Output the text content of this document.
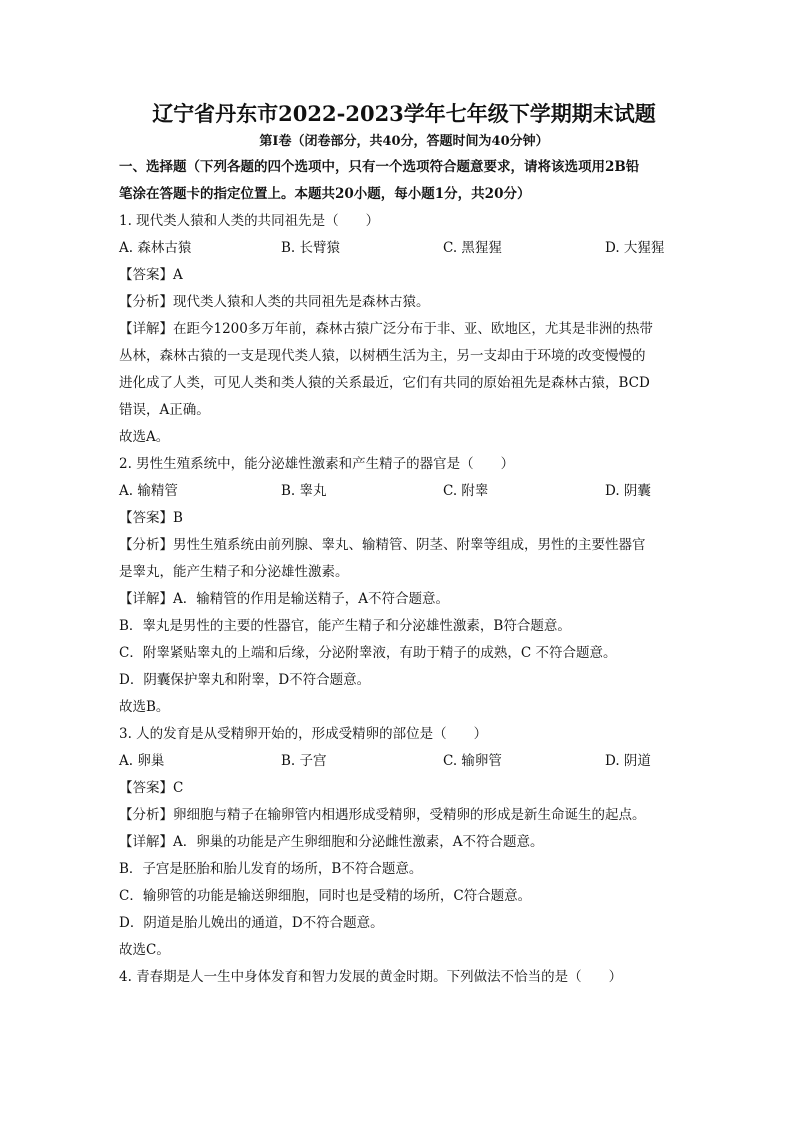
辽宁省丹东市2022-2023学年七年级下学期期末试题

第I卷（闭卷部分，共40分，答题时间为40分钟）

一、选择题（下列各题的四个选项中，只有一个选项符合题意要求，请将该选项用2B铅

笔涂在答题卡的指定位置上。本题共20小题，每小题1分，共20分）

1. 现代类人猿和人类的共同祖先是（　　）

A. 森林古猿	B. 长臂猿	C. 黑猩猩	D. 大猩猩

【答案】A

【分析】现代类人猿和人类的共同祖先是森林古猿。

【详解】在距今1200多万年前，森林古猿广泛分布于非、亚、欧地区，尤其是非洲的热带

丛林，森林古猿的一支是现代类人猿，以树栖生活为主，另一支却由于环境的改变慢慢的

进化成了人类，可见人类和类人猿的关系最近，它们有共同的原始祖先是森林古猿，BCD

错误，A正确。

故选A。

2. 男性生殖系统中，能分泌雄性激素和产生精子的器官是（　　）

A. 输精管	B. 睾丸	C. 附睾	D. 阴囊

【答案】B

【分析】男性生殖系统由前列腺、睾丸、输精管、阴茎、附睾等组成，男性的主要性器官

是睾丸，能产生精子和分泌雄性激素。

【详解】A．输精管的作用是输送精子，A不符合题意。

B．睾丸是男性的主要的性器官，能产生精子和分泌雄性激素，B符合题意。

C．附睾紧贴睾丸的上端和后缘，分泌附睾液，有助于精子的成熟，C 不符合题意。

D．阴囊保护睾丸和附睾，D不符合题意。

故选B。

3. 人的发育是从受精卵开始的，形成受精卵的部位是（　　）

A. 卵巢	B. 子宫	C. 输卵管	D. 阴道

【答案】C

【分析】卵细胞与精子在输卵管内相遇形成受精卵，受精卵的形成是新生命诞生的起点。

【详解】A．卵巢的功能是产生卵细胞和分泌雌性激素，A不符合题意。

B．子宫是胚胎和胎儿发育的场所，B不符合题意。

C．输卵管的功能是输送卵细胞，同时也是受精的场所，C符合题意。

D．阴道是胎儿娩出的通道，D不符合题意。

故选C。

4. 青春期是人一生中身体发育和智力发展的黄金时期。下列做法不恰当的是（　　）
